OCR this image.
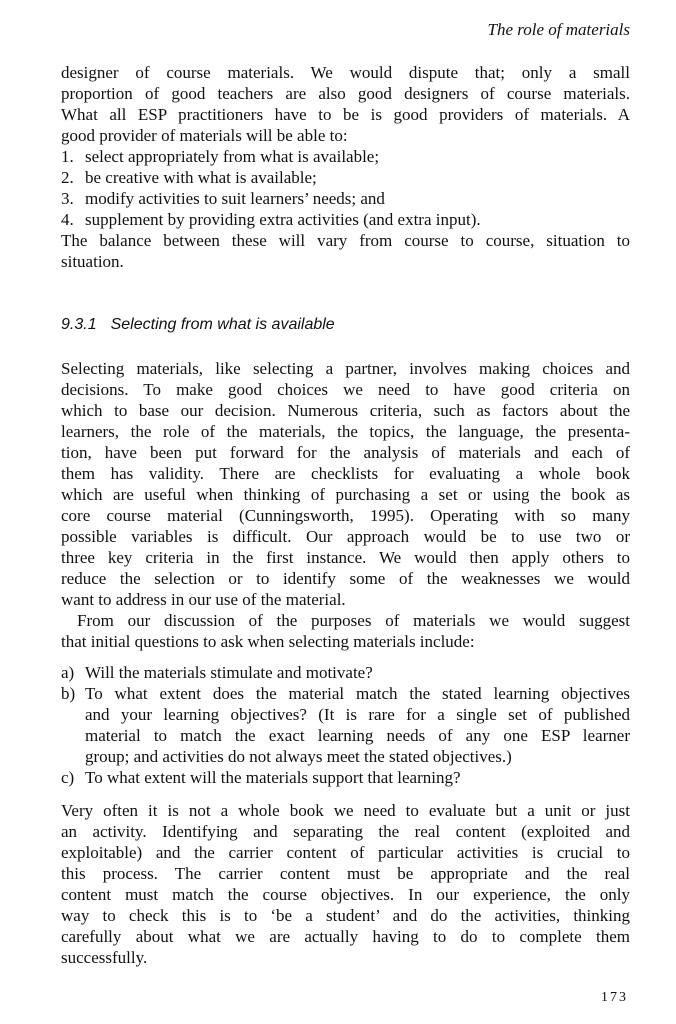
The role of materials
designer of course materials. We would dispute that; only a small
proportion of good teachers are also good designers of course materials.
What all ESP practitioners have to be is good providers of materials. A
good provider of materials will be able to:
1. select appropriately from what is available;
2. be creative with what is available;
3. modify activities to suit learners’ needs; and
4. supplement by providing extra activities (and extra input).
The balance between these will vary from course to course, situation to
situation.
9.3.1 Selecting from what is available
Selecting materials, like selecting a partner, involves making choices and
decisions. To make good choices we need to have good criteria on
which to base our decision. Numerous criteria, such as factors about the
learners, the role of the materials, the topics, the language, the presenta-
tion, have been put forward for the analysis of materials and each of
them has validity. There are checklists for evaluating a whole book
which are useful when thinking of purchasing a set or using the book as
core course material (Cunningsworth, 1995). Operating with so many
possible variables is difficult. Our approach would be to use two or
three key criteria in the first instance. We would then apply others to
reduce the selection or to identify some of the weaknesses we would
want to address in our use of the material.
From our discussion of the purposes of materials we would suggest
that initial questions to ask when selecting materials include:
a) Will the materials stimulate and motivate?
b) To what extent does the material match the stated learning objectives
and your learning objectives? (It is rare for a single set of published
material to match the exact learning needs of any one ESP learner
group; and activities do not always meet the stated objectives.)
c) To what extent will the materials support that learning?
Very often it is not a whole book we need to evaluate but a unit or just
an activity. Identifying and separating the real content (exploited and
exploitable) and the carrier content of particular activities is crucial to
this process. The carrier content must be appropriate and the real
content must match the course objectives. In our experience, the only
way to check this is to ‘be a student’ and do the activities, thinking
carefully about what we are actually having to do to complete them
successfully.
173
